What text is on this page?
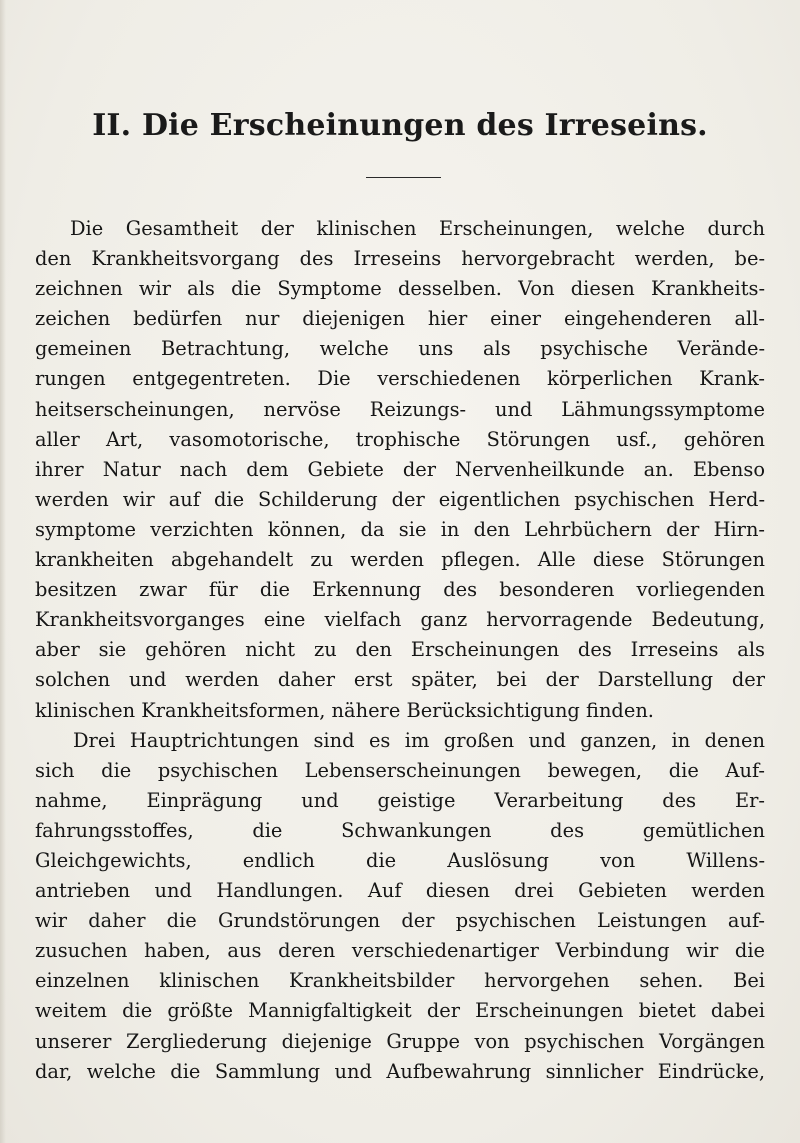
II. Die Erscheinungen des Irreseins.
Die Gesamtheit der klinischen Erscheinungen, welche durch
den Krankheitsvorgang des Irreseins hervorgebracht werden, be-
zeichnen wir als die Symptome desselben. Von diesen Krankheits-
zeichen bedürfen nur diejenigen hier einer eingehenderen all-
gemeinen Betrachtung, welche uns als psychische Verände-
rungen entgegentreten. Die verschiedenen körperlichen Krank-
heitserscheinungen, nervöse Reizungs- und Lähmungssymptome
aller Art, vasomotorische, trophische Störungen usf., gehören
ihrer Natur nach dem Gebiete der Nervenheilkunde an. Ebenso
werden wir auf die Schilderung der eigentlichen psychischen Herd-
symptome verzichten können, da sie in den Lehrbüchern der Hirn-
krankheiten abgehandelt zu werden pflegen. Alle diese Störungen
besitzen zwar für die Erkennung des besonderen vorliegenden
Krankheitsvorganges eine vielfach ganz hervorragende Bedeutung,
aber sie gehören nicht zu den Erscheinungen des Irreseins als
solchen und werden daher erst später, bei der Darstellung der
klinischen Krankheitsformen, nähere Berücksichtigung finden.
Drei Hauptrichtungen sind es im großen und ganzen, in denen
sich die psychischen Lebenserscheinungen bewegen, die Auf-
nahme, Einprägung und geistige Verarbeitung des Er-
fahrungsstoffes, die Schwankungen des gemütlichen
Gleichgewichts, endlich die Auslösung von Willens-
antrieben und Handlungen. Auf diesen drei Gebieten werden
wir daher die Grundstörungen der psychischen Leistungen auf-
zusuchen haben, aus deren verschiedenartiger Verbindung wir die
einzelnen klinischen Krankheitsbilder hervorgehen sehen. Bei
weitem die größte Mannigfaltigkeit der Erscheinungen bietet dabei
unserer Zergliederung diejenige Gruppe von psychischen Vorgängen
dar, welche die Sammlung und Aufbewahrung sinnlicher Eindrücke,
